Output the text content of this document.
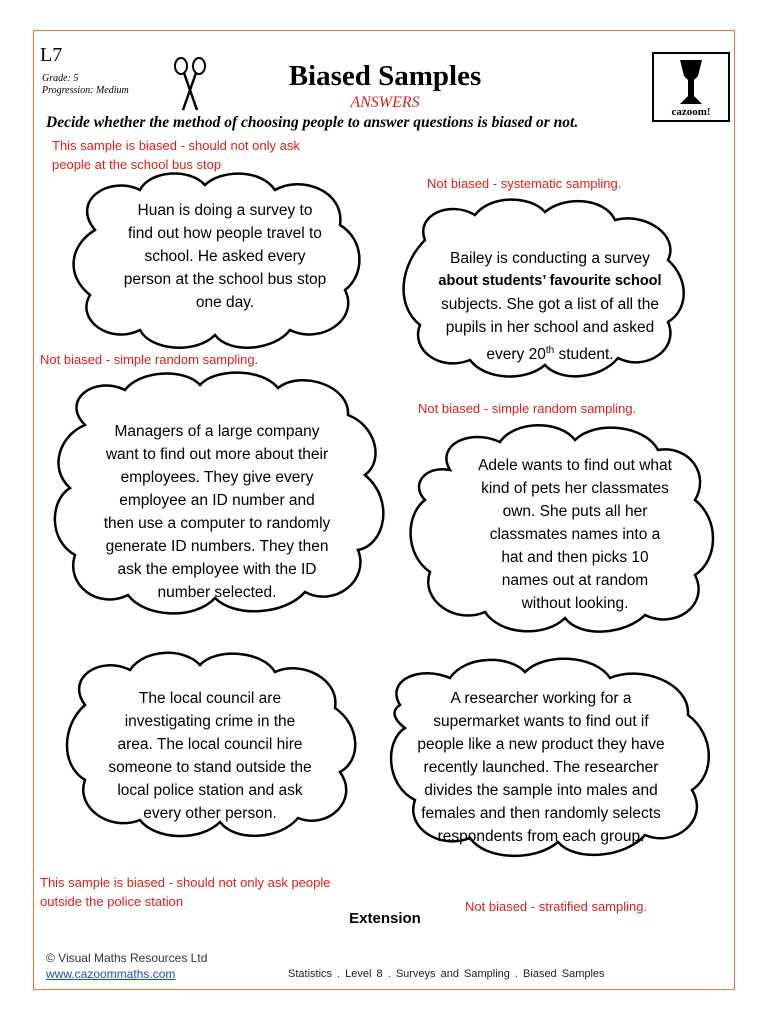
L7
Grade: 5
Progression: Medium	Biased Samples
ANSWERS
cazoom!
Decide whether the method of choosing people to answer questions is biased or not.
This sample is biased - should not only ask
people at the school bus stop
Not biased - systematic sampling.
Not biased - simple random sampling.
Not biased - simple random sampling.
This sample is biased - should not only ask people
outside the police station	Not biased - stratified sampling.
Huan is doing a survey to
find out how people travel to
school. He asked every
person at the school bus stop
one day.
Bailey is conducting a survey
about students’ favourite school
subjects. She got a list of all the
pupils in her school and asked
every 20th student.
Managers of a large company
want to find out more about their
employees. They give every
employee an ID number and
then use a computer to randomly
generate ID numbers. They then
ask the employee with the ID
number selected.
Adele wants to find out what
kind of pets her classmates
own. She puts all her
classmates names into a
hat and then picks 10
names out at random
without looking.
The local council are
investigating crime in the
area. The local council hire
someone to stand outside the
local police station and ask
every other person.
A researcher working for a
supermarket wants to find out if
people like a new product they have
recently launched. The researcher
divides the sample into males and
females and then randomly selects
respondents from each group.
Extension
© Visual Maths Resources Ltd
www.cazoommaths.com	Statistics . Level 8 . Surveys and Sampling . Biased Samples
